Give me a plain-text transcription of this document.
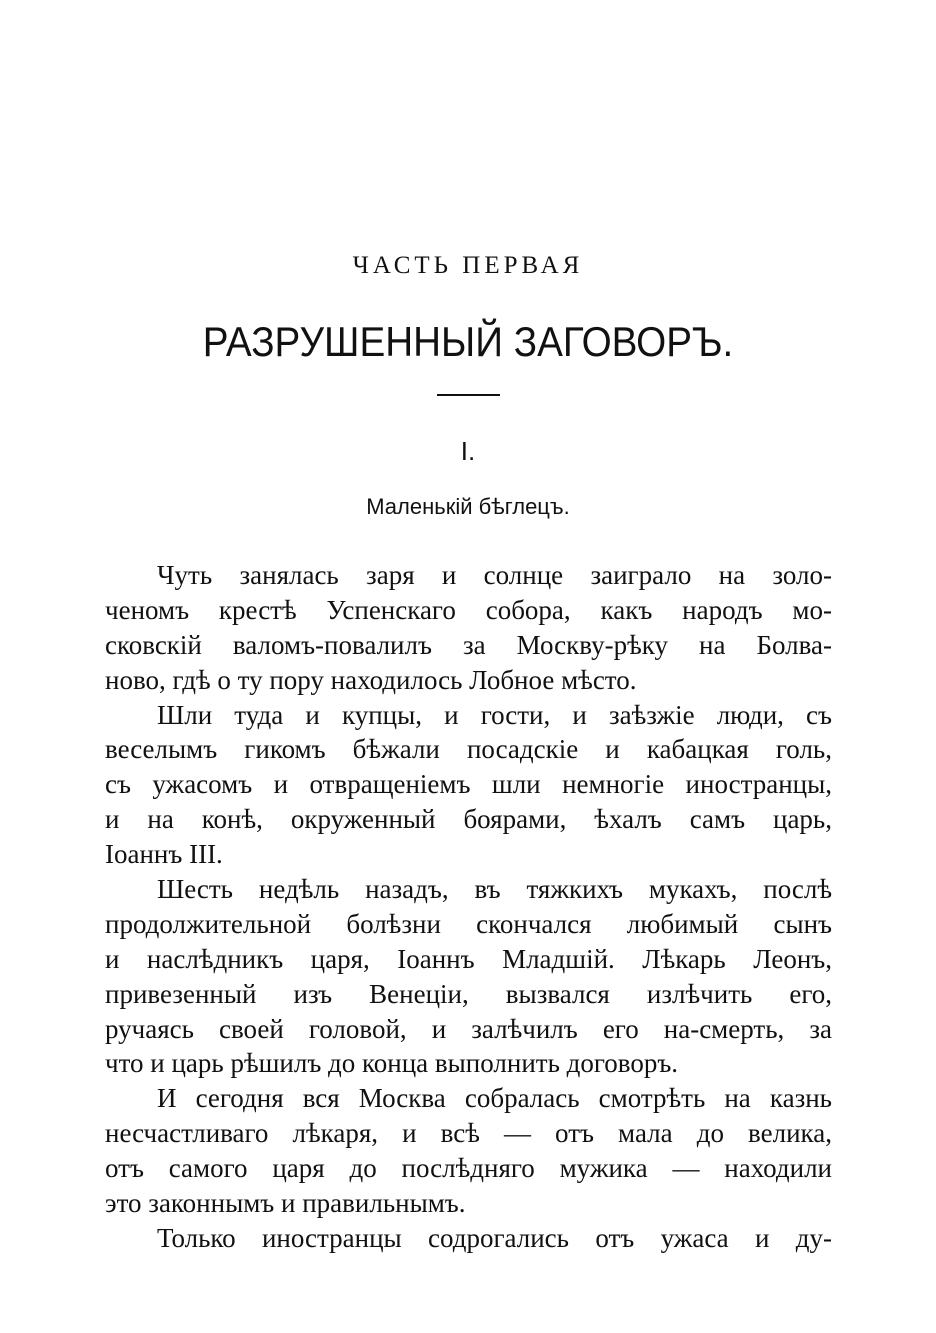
ЧАСТЬ ПЕРВАЯ
РАЗРУШЕННЫЙ ЗАГОВОРЪ.
I.
Маленькій бѣглецъ.
Чуть занялась заря и солнце заиграло на золо-
ченомъ крестѣ Успенскаго собора, какъ народъ мо-
сковскій валомъ-повалилъ за Москву-рѣку на Болва-
ново, гдѣ о ту пору находилось Лобное мѣсто.
Шли туда и купцы, и гости, и заѣзжіе люди, съ
веселымъ гикомъ бѣжали посадскіе и кабацкая голь,
съ ужасомъ и отвращеніемъ шли немногіе иностранцы,
и на конѣ, окруженный боярами, ѣхалъ самъ царь,
Іоаннъ III.
Шесть недѣль назадъ, въ тяжкихъ мукахъ, послѣ
продолжительной болѣзни скончался любимый сынъ
и наслѣдникъ царя, Іоаннъ Младшій. Лѣкарь Леонъ,
привезенный изъ Венеціи, вызвался излѣчить его,
ручаясь своей головой, и залѣчилъ его на-смерть, за
что и царь рѣшилъ до конца выполнить договоръ.
И сегодня вся Москва собралась смотрѣть на казнь
несчастливаго лѣкаря, и всѣ — отъ мала до велика,
отъ самого царя до послѣдняго мужика — находили
это законнымъ и правильнымъ.
Только иностранцы содрогались отъ ужаса и ду-
